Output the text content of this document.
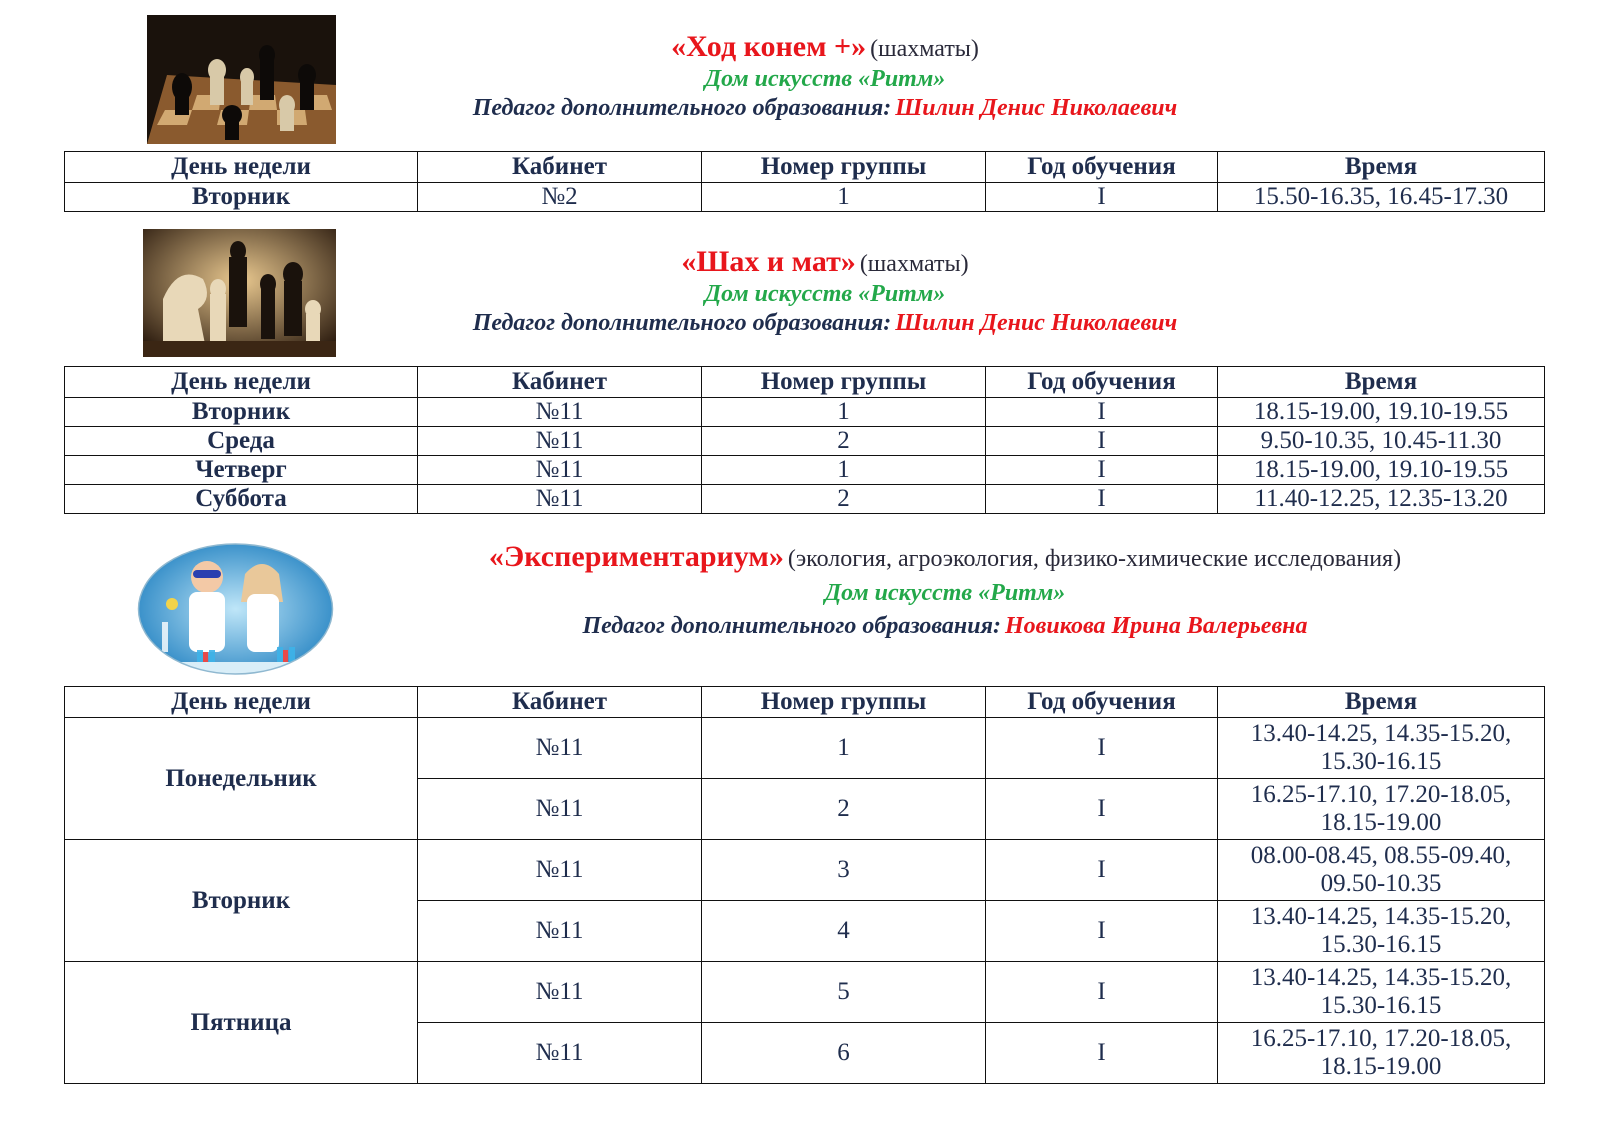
«Ход конем +» (шахматы)
Дом искусств «Ритм»
Педагог дополнительного образования: Шилин Денис Николаевич
День недели	Кабинет	Номер группы	Год обучения	Время
Вторник	№2	1	I	15.50-16.35, 16.45-17.30
«Шах и мат» (шахматы)
Дом искусств «Ритм»
Педагог дополнительного образования: Шилин Денис Николаевич
День недели	Кабинет	Номер группы	Год обучения	Время
Вторник	№11	1	I	18.15-19.00, 19.10-19.55
Среда	№11	2	I	9.50-10.35, 10.45-11.30
Четверг	№11	1	I	18.15-19.00, 19.10-19.55
Суббота	№11	2	I	11.40-12.25, 12.35-13.20
«Экспериментариум» (экология, агроэкология, физико-химические исследования)
Дом искусств «Ритм»
Педагог дополнительного образования: Новикова Ирина Валерьевна
День недели	Кабинет	Номер группы	Год обучения	Время
Понедельник	№11	1	I	13.40-14.25, 14.35-15.20,
15.30-16.15

	№11	2	I	16.25-17.10, 17.20-18.05,
18.15-19.00

Вторник	№11	3	I	08.00-08.45, 08.55-09.40,
09.50-10.35

	№11	4	I	13.40-14.25, 14.35-15.20,
15.30-16.15

Пятница	№11	5	I	13.40-14.25, 14.35-15.20,
15.30-16.15

	№11	6	I	16.25-17.10, 17.20-18.05,
18.15-19.00
